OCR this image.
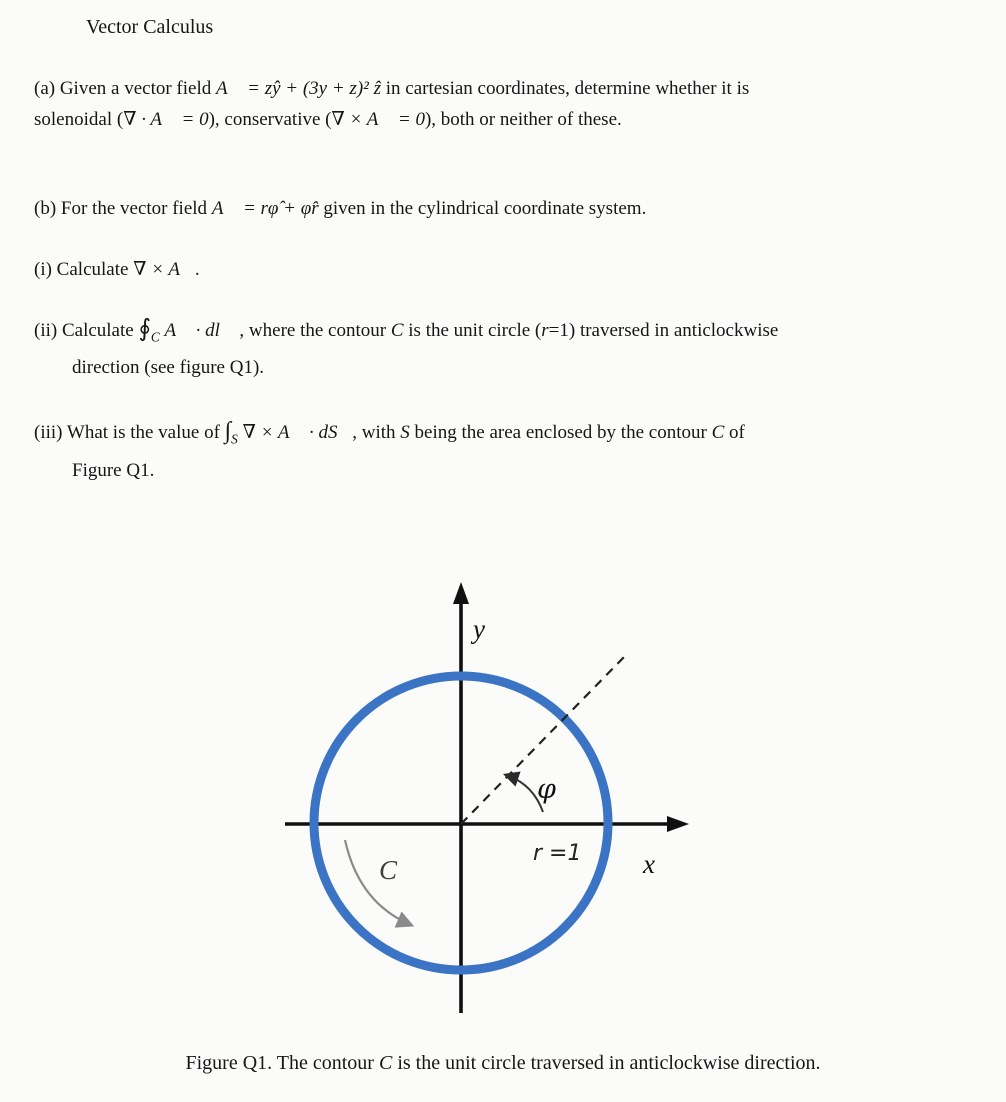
Vector Calculus
(a) Given a vector field A⃗ = zŷ + (3y + z)² ẑ in cartesian coordinates, determine whether it is
solenoidal (∇ · A⃗ = 0), conservative (∇ × A⃗ = 0), both or neither of these.
(b) For the vector field A⃗ = rφ̂ + φr̂ given in the cylindrical coordinate system.
(i) Calculate ∇ × A⃗.
(ii) Calculate $∮_C$ A⃗ · dl⃗ , where the contour C is the unit circle (r=1) traversed in anticlockwise
direction (see figure Q1).
(iii) What is the value of $\int_S$ ∇ × A⃗ · dS⃗, with S being the area enclosed by the contour C of
Figure Q1.
y
x
φ
r =1
C
Figure Q1. The contour C is the unit circle traversed in anticlockwise direction.
